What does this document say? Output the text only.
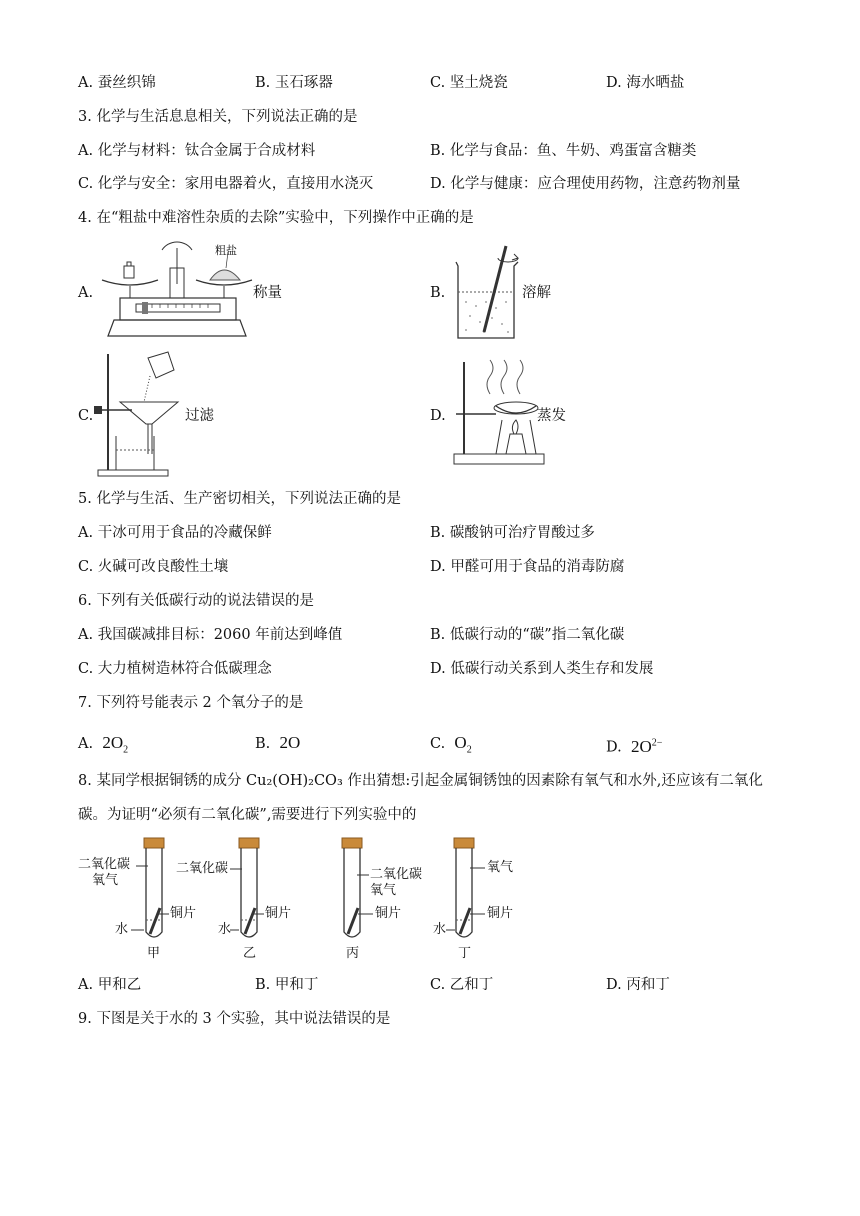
A. 蚕丝织锦	B. 玉石琢器	C. 坚土烧瓷	D. 海水晒盐
3. 化学与生活息息相关，下列说法正确的是
A. 化学与材料：钛合金属于合成材料	B. 化学与食品：鱼、牛奶、鸡蛋富含糖类
C. 化学与安全：家用电器着火，直接用水浇灭	D. 化学与健康：应合理使用药物，注意药物剂量
4. 在“粗盐中难溶性杂质的去除”实验中，下列操作中正确的是
A.
粗盐
称量	B.	溶解
C.	过滤	D.	蒸发
5. 化学与生活、生产密切相关，下列说法正确的是
A. 干冰可用于食品的冷藏保鲜	B. 碳酸钠可治疗胃酸过多
C. 火碱可改良酸性土壤	D. 甲醛可用于食品的消毒防腐
6. 下列有关低碳行动的说法错误的是
A. 我国碳减排目标：2060 年前达到峰值	B. 低碳行动的“碳”指二氧化碳
C. 大力植树造林符合低碳理念	D. 低碳行动关系到人类生存和发展
7. 下列符号能表示 2 个氧分子的是
A. $2O_2$	B. 2O	C. $O_2$	D. $2O^{2-}$
8. 某同学根据铜锈的成分 Cu₂(OH)₂CO₃ 作出猜想:引起金属铜锈蚀的因素除有氧气和水外,还应该有二氧化
碳。为证明“必须有二氧化碳”,需要进行下列实验中的
二氧化碳
氧气
铜片
水
甲
二氧化碳
铜片
水
乙
二氧化碳
氧气
铜片
丙
氧气
铜片
水
丁
A. 甲和乙	B. 甲和丁	C. 乙和丁	D. 丙和丁
9. 下图是关于水的 3 个实验，其中说法错误的是
